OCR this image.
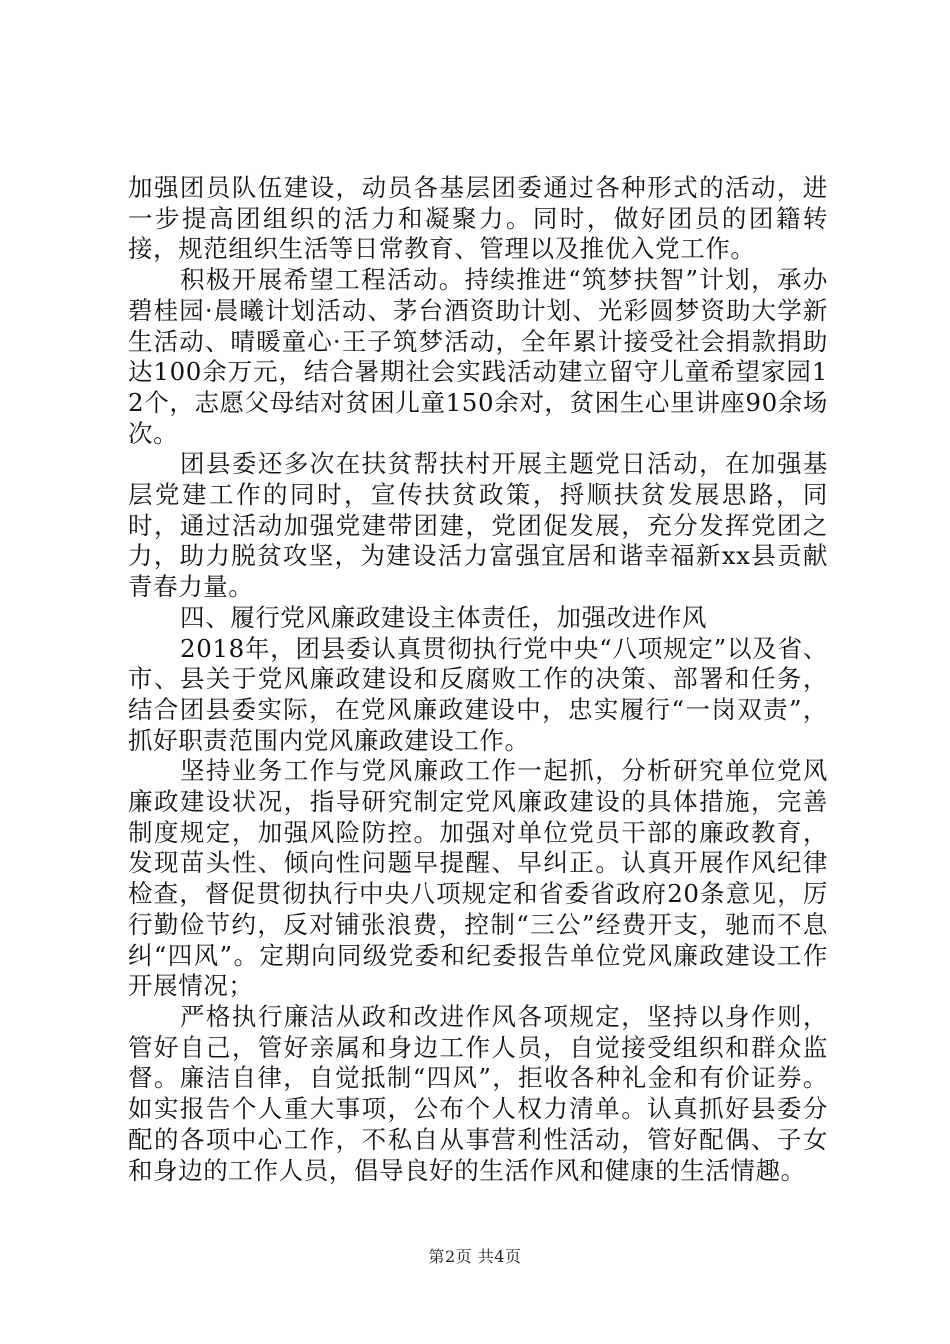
加强团员队伍建设，动员各基层团委通过各种形式的活动，进一步提高团组织的活力和凝聚力。同时，做好团员的团籍转接，规范组织生活等日常教育、管理以及推优入党工作。

积极开展希望工程活动。持续推进“筑梦扶智”计划，承办碧桂园·晨曦计划活动、茅台酒资助计划、光彩圆梦资助大学新生活动、晴暖童心·王子筑梦活动，全年累计接受社会捐款捐助达100余万元，结合暑期社会实践活动建立留守儿童希望家园12个，志愿父母结对贫困儿童150余对，贫困生心里讲座90余场次。

团县委还多次在扶贫帮扶村开展主题党日活动，在加强基层党建工作的同时，宣传扶贫政策，捋顺扶贫发展思路，同时，通过活动加强党建带团建，党团促发展，充分发挥党团之力，助力脱贫攻坚，为建设活力富强宜居和谐幸福新xx县贡献青春力量。

四、履行党风廉政建设主体责任，加强改进作风

2018年，团县委认真贯彻执行党中央“八项规定”以及省、市、县关于党风廉政建设和反腐败工作的决策、部署和任务，结合团县委实际，在党风廉政建设中，忠实履行“一岗双责”，抓好职责范围内党风廉政建设工作。

坚持业务工作与党风廉政工作一起抓，分析研究单位党风廉政建设状况，指导研究制定党风廉政建设的具体措施，完善制度规定，加强风险防控。加强对单位党员干部的廉政教育，发现苗头性、倾向性问题早提醒、早纠正。认真开展作风纪律检查，督促贯彻执行中央八项规定和省委省政府20条意见，厉行勤俭节约，反对铺张浪费，控制“三公”经费开支，驰而不息纠“四风”。定期向同级党委和纪委报告单位党风廉政建设工作开展情况；

严格执行廉洁从政和改进作风各项规定，坚持以身作则，管好自己，管好亲属和身边工作人员，自觉接受组织和群众监督。廉洁自律，自觉抵制“四风”，拒收各种礼金和有价证券。如实报告个人重大事项，公布个人权力清单。认真抓好县委分配的各项中心工作，不私自从事营利性活动，管好配偶、子女和身边的工作人员，倡导良好的生活作风和健康的生活情趣。

第2页 共4页
